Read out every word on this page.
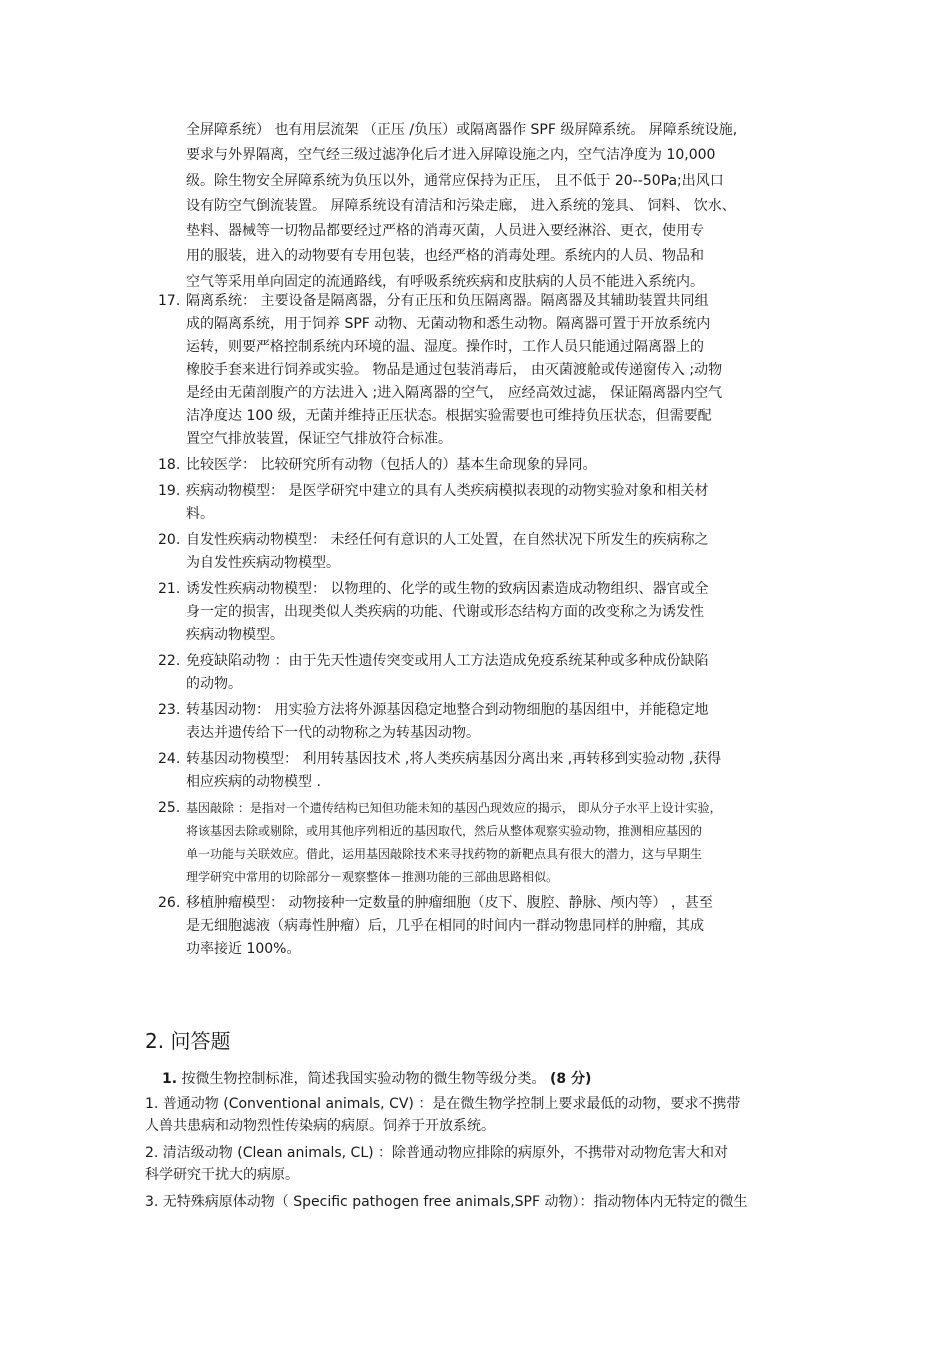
全屏障系统） 也有用层流架 （正压 /负压）或隔离器作 SPF 级屏障系统。 屏障系统设施,
要求与外界隔离，空气经三级过滤净化后才进入屏障设施之内，空气洁净度为 10,000
级。除生物安全屏障系统为负压以外，通常应保持为正压， 且不低于 20--50Pa;出风口
设有防空气倒流装置。 屏障系统设有清洁和污染走廊， 进入系统的笼具、 饲料、 饮水、
垫料、器械等一切物品都要经过严格的消毒灭菌，人员进入要经淋浴、更衣，使用专
用的服装，进入的动物要有专用包装，也经严格的消毒处理。系统内的人员、物品和
空气等采用单向固定的流通路线，有呼吸系统疾病和皮肤病的人员不能进入系统内。
17. 隔离系统： 主要设备是隔离器，分有正压和负压隔离器。隔离器及其辅助装置共同组
成的隔离系统，用于饲养 SPF 动物、无菌动物和悉生动物。隔离器可置于开放系统内
运转，则要严格控制系统内环境的温、湿度。操作时，工作人员只能通过隔离器上的
橡胶手套来进行饲养或实验。 物品是通过包装消毒后， 由灭菌渡舱或传递窗传入 ;动物
是经由无菌剖腹产的方法进入 ;进入隔离器的空气， 应经高效过滤， 保证隔离器内空气
洁净度达 100 级，无菌并维持正压状态。根据实验需要也可维持负压状态，但需要配
置空气排放装置，保证空气排放符合标准。
18. 比较医学： 比较研究所有动物（包括人的）基本生命现象的异同。
19. 疾病动物模型： 是医学研究中建立的具有人类疾病模拟表现的动物实验对象和相关材
料。
20. 自发性疾病动物模型： 未经任何有意识的人工处置，在自然状况下所发生的疾病称之
为自发性疾病动物模型。
21. 诱发性疾病动物模型： 以物理的、化学的或生物的致病因素造成动物组织、器官或全
身一定的损害，出现类似人类疾病的功能、代谢或形态结构方面的改变称之为诱发性
疾病动物模型。
22. 免疫缺陷动物 ：由于先天性遗传突变或用人工方法造成免疫系统某种或多种成份缺陷
的动物。
23. 转基因动物： 用实验方法将外源基因稳定地整合到动物细胞的基因组中，并能稳定地
表达并遗传给下一代的动物称之为转基因动物。
24. 转基因动物模型： 利用转基因技术 ,将人类疾病基因分离出来 ,再转移到实验动物 ,获得
相应疾病的动物模型 .
25. 基因敲除 ：是指对一个遗传结构已知但功能未知的基因凸现效应的揭示， 即从分子水平上设计实验，
将该基因去除或剔除，或用其他序列相近的基因取代，然后从整体观察实验动物，推测相应基因的
单一功能与关联效应。借此，运用基因敲除技术来寻找药物的新靶点具有很大的潜力，这与早期生
理学研究中常用的切除部分－观察整体－推测功能的三部曲思路相似。
26. 移植肿瘤模型： 动物接种一定数量的肿瘤细胞（皮下、腹腔、静脉、颅内等） ，甚至
是无细胞滤液（病毒性肿瘤）后，几乎在相同的时间内一群动物患同样的肿瘤，其成
功率接近 100%。
2. 问答题
1. 按微生物控制标准，简述我国实验动物的微生物等级分类。 (8 分)
1. 普通动物 (Conventional animals, CV) ：是在微生物学控制上要求最低的动物，要求不携带
人兽共患病和动物烈性传染病的病原。饲养于开放系统。
2. 清洁级动物 (Clean animals, CL) ：除普通动物应排除的病原外，不携带对动物危害大和对
科学研究干扰大的病原。
3. 无特殊病原体动物（ Specific pathogen free animals,SPF 动物）：指动物体内无特定的微生
